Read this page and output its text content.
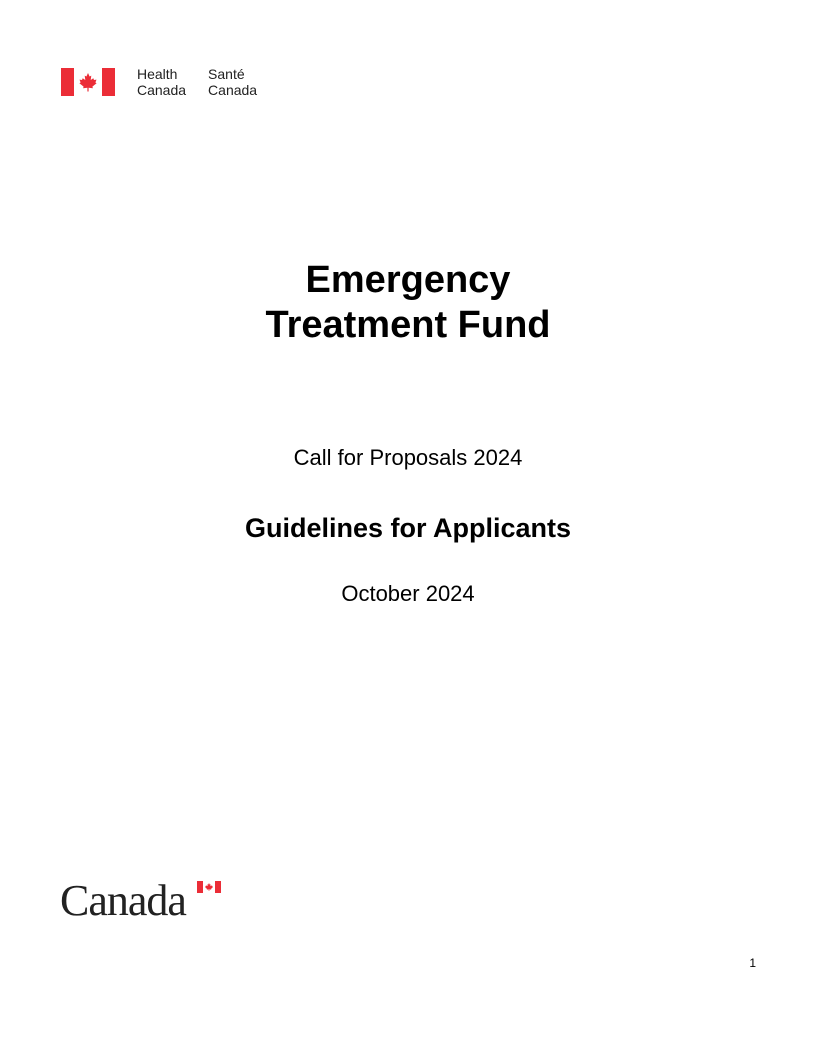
Health
Canada
Santé
Canada
Emergency
Treatment Fund
Call for Proposals 2024
Guidelines for Applicants
October 2024
Canada
1
